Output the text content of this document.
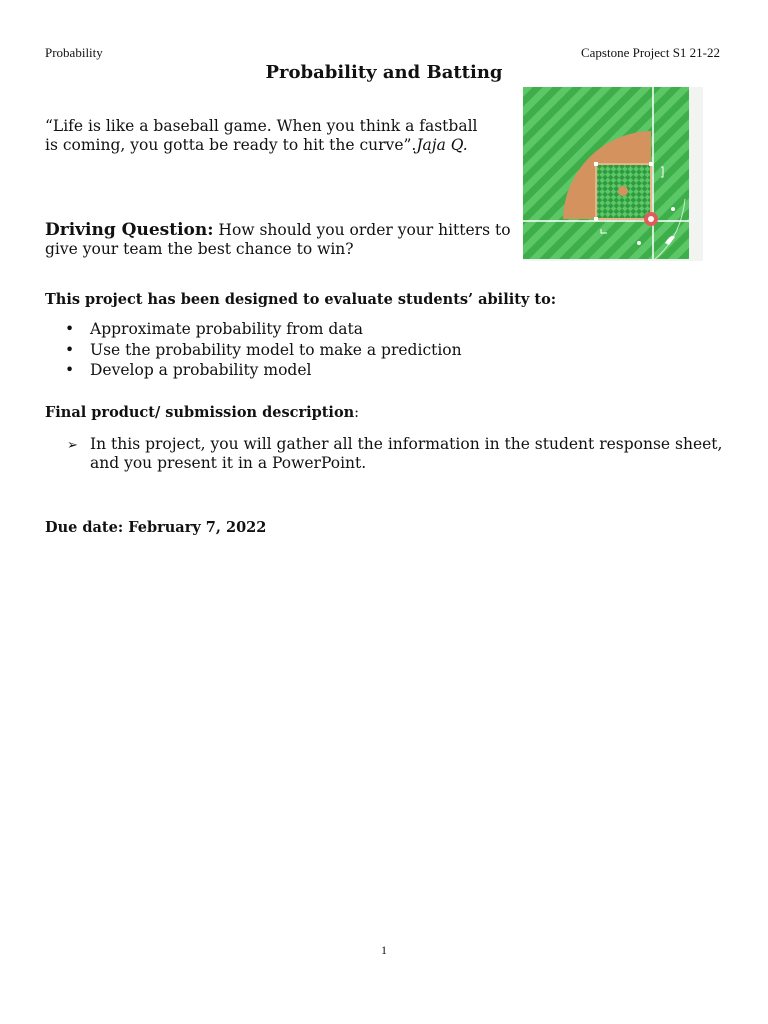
Probability	Capstone Project S1 21-22
Probability and Batting
“Life is like a baseball game. When you think a fastball is coming, you gotta be ready to hit the curve”.Jaja Q.
Driving Question: How should you order your hitters to give your team the best chance to win?
This project has been designed to evaluate students’ ability to:
• Approximate probability from data
• Use the probability model to make a prediction
• Develop a probability model
Final product/ submission description:
➢ In this project, you will gather all the information in the student response sheet, and you present it in a PowerPoint.
Due date: February 7, 2022
1
